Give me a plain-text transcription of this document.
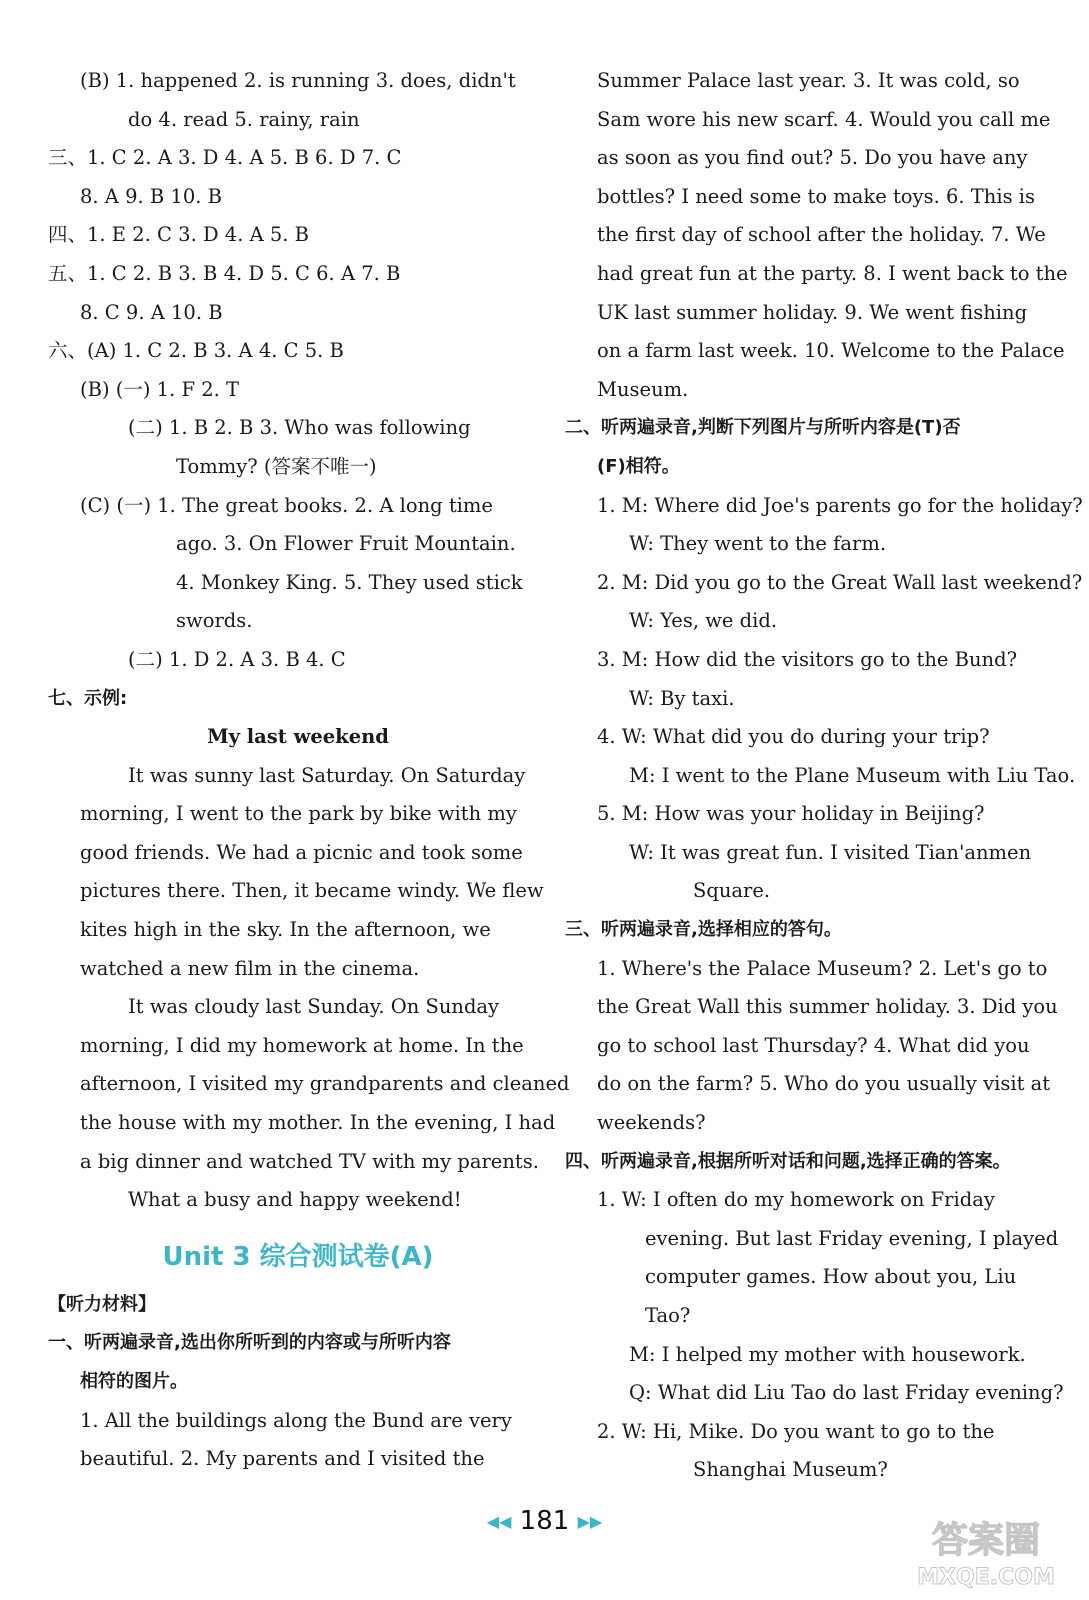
(B) 1. happened 2. is running 3. does, didn't
do 4. read 5. rainy, rain
三、1. C 2. A 3. D 4. A 5. B 6. D 7. C
8. A 9. B 10. B
四、1. E 2. C 3. D 4. A 5. B
五、1. C 2. B 3. B 4. D 5. C 6. A 7. B
8. C 9. A 10. B
六、(A) 1. C 2. B 3. A 4. C 5. B
(B) (一) 1. F 2. T
(二) 1. B 2. B 3. Who was following
Tommy? (答案不唯一)
(C) (一) 1. The great books. 2. A long time
ago. 3. On Flower Fruit Mountain.
4. Monkey King. 5. They used stick
swords.
(二) 1. D 2. A 3. B 4. C
七、示例:
My last weekend
It was sunny last Saturday. On Saturday
morning, I went to the park by bike with my
good friends. We had a picnic and took some
pictures there. Then, it became windy. We flew
kites high in the sky. In the afternoon, we
watched a new film in the cinema.
It was cloudy last Sunday. On Sunday
morning, I did my homework at home. In the
afternoon, I visited my grandparents and cleaned
the house with my mother. In the evening, I had
a big dinner and watched TV with my parents.
What a busy and happy weekend!
Unit 3 综合测试卷(A)
【听力材料】
一、听两遍录音,选出你所听到的内容或与所听内容
相符的图片。
1. All the buildings along the Bund are very
beautiful. 2. My parents and I visited the
Summer Palace last year. 3. It was cold, so
Sam wore his new scarf. 4. Would you call me
as soon as you find out? 5. Do you have any
bottles? I need some to make toys. 6. This is
the first day of school after the holiday. 7. We
had great fun at the party. 8. I went back to the
UK last summer holiday. 9. We went fishing
on a farm last week. 10. Welcome to the Palace
Museum.
二、听两遍录音,判断下列图片与所听内容是(T)否
(F)相符。
1. M: Where did Joe's parents go for the holiday?
W: They went to the farm.
2. M: Did you go to the Great Wall last weekend?
W: Yes, we did.
3. M: How did the visitors go to the Bund?
W: By taxi.
4. W: What did you do during your trip?
M: I went to the Plane Museum with Liu Tao.
5. M: How was your holiday in Beijing?
W: It was great fun. I visited Tian'anmen
Square.
三、听两遍录音,选择相应的答句。
1. Where's the Palace Museum? 2. Let's go to
the Great Wall this summer holiday. 3. Did you
go to school last Thursday? 4. What did you
do on the farm? 5. Who do you usually visit at
weekends?
四、听两遍录音,根据所听对话和问题,选择正确的答案。
1. W: I often do my homework on Friday
evening. But last Friday evening, I played
computer games. How about you, Liu
Tao?
M: I helped my mother with housework.
Q: What did Liu Tao do last Friday evening?
2. W: Hi, Mike. Do you want to go to the
Shanghai Museum?
◀◀ 181 ▶▶	答案圈
MXQE.COM
